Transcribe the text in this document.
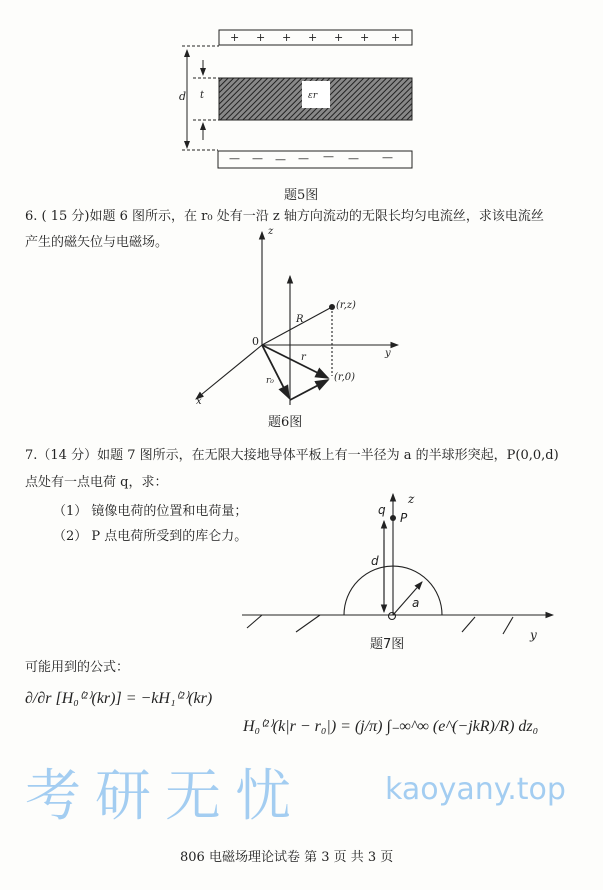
+ + + + + + +
— — — — — — —
d t	εr
题5图
6. ( 15 分)如题 6 图所示，在 r₀ 处有一沿 z 轴方向流动的无限长均匀电流丝，求该电流丝
产生的磁矢位与电磁场。
z
y
x
0
R
r
r₀
(r,z)
(r,0)
题6图
7.（14 分）如题 7 图所示，在无限大接地导体平板上有一半径为 a 的半球形突起，P(0,0,d)
点处有一点电荷 q，求：
（1） 镜像电荷的位置和电荷量；
（2） P 点电荷所受到的库仑力。
z
q
P
d
a
y
题7图
可能用到的公式：
∂/∂r [H₀⁽²⁾(kr)] = −kH₁⁽²⁾(kr)
H₀⁽²⁾(k|r − r₀|) = (j/π) ∫₋∞^∞ (e^(−jkR)/R) dz₀
考研无忧	kaoyany.top
806 电磁场理论试卷 第 3 页 共 3 页
